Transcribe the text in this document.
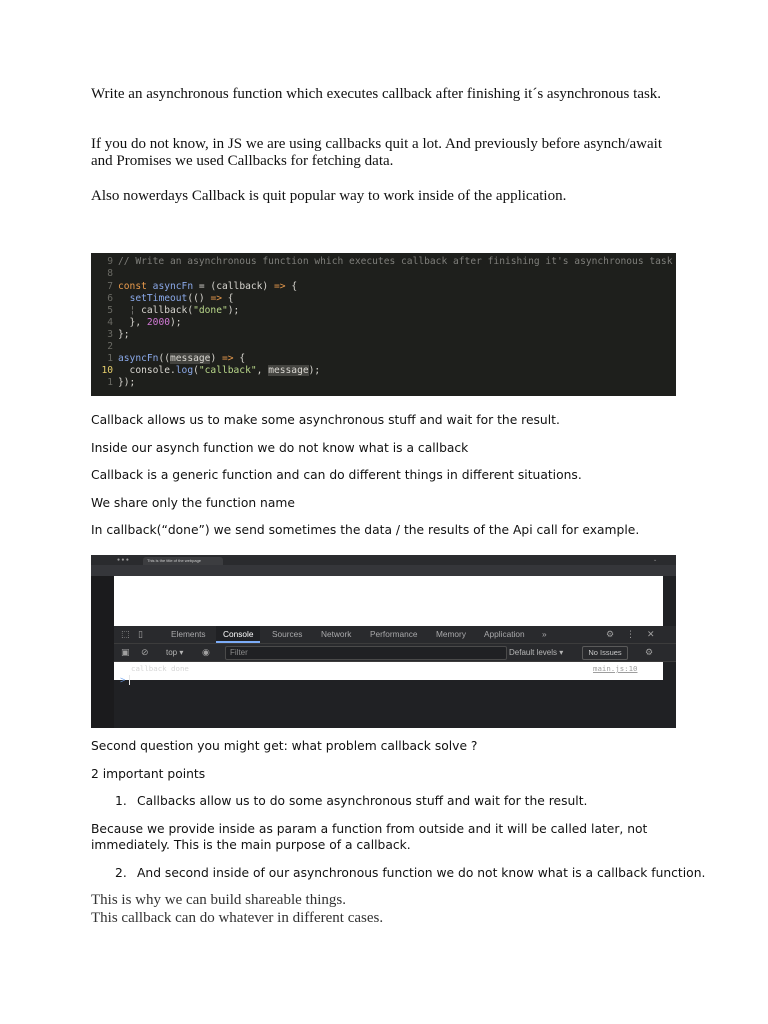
Write an asynchronous function which executes callback after finishing it´s asynchronous task.

If you do not know, in JS we are using callbacks quit a lot. And previously before asynch/await and Promises we used Callbacks for fetching data.

Also nowerdays Callback is quit popular way to work inside of the application.

9 // Write an asynchronous function which executes callback after finishing it's asynchronous task
8
7 const asyncFn = (callback) => {
6 setTimeout(() => {
5  ¦ callback("done");
4  }, 2000);
3 };
2
1 asyncFn((message) => {
10  console.log("callback", message);
1 });

Callback allows us to make some asynchronous stuff and wait for the result.

Inside our asynch function we do not know what is a callback

Callback is a generic function and can do different things in different situations.

We share only the function name

In callback(“done”) we send sometimes the data / the results of the Api call for example.

● ● ●	This is the title of the webpage	⌄
⬚ ▯	Elements	Console	Sources Network Performance Memory Application »	⚙ ⋮ ✕
▣ ⊘ top ▾ ◉	Filter	Default levels ▾	No Issues	⚙
callback done	main.js:10
>

Second question you might get: what problem callback solve ?

2 important points

1. Callbacks allow us to do some asynchronous stuff and wait for the result.

Because we provide inside as param a function from outside and it will be called later, not immediately. This is the main purpose of a callback.

2. And second inside of our asynchronous function we do not know what is a callback function.

This is why we can build shareable things.

This callback can do whatever in different cases.
